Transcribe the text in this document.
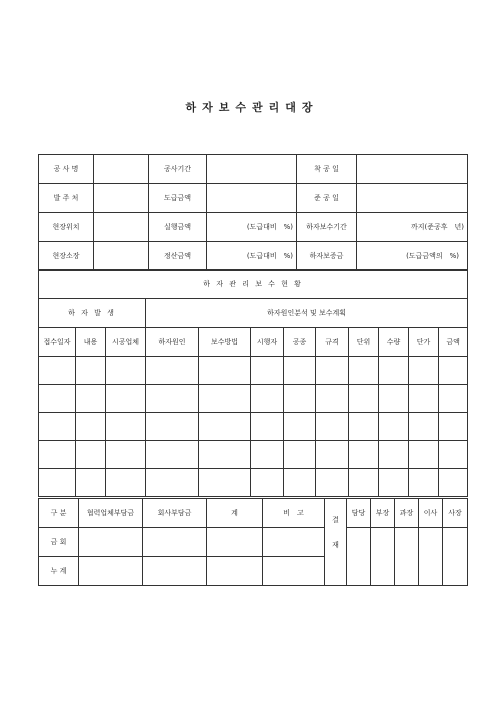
하자보수관리대장
공 사 명		공사기간		착 공 일	
발 주 처		도급금액		준 공 일	
현장위치		실행금액	(도급대비　%)	하자보수기간	까지(준공후　년)
현장소장		정산금액	(도급대비　%)	하자보증금	(도급금액의　%)
하 자 관 리 보 수 현 황											
하 자 발 생			하자원인분석 및 보수계획								
접수일자	내용	시공업체	하자원인	보수방법	시행자	공종	규격	단위	수량	단가	금액

구 분	협력업체부담금	회사부담금	계	비　고	결재	담당	부장	과장	이사	사장
금 회										
누 계										
